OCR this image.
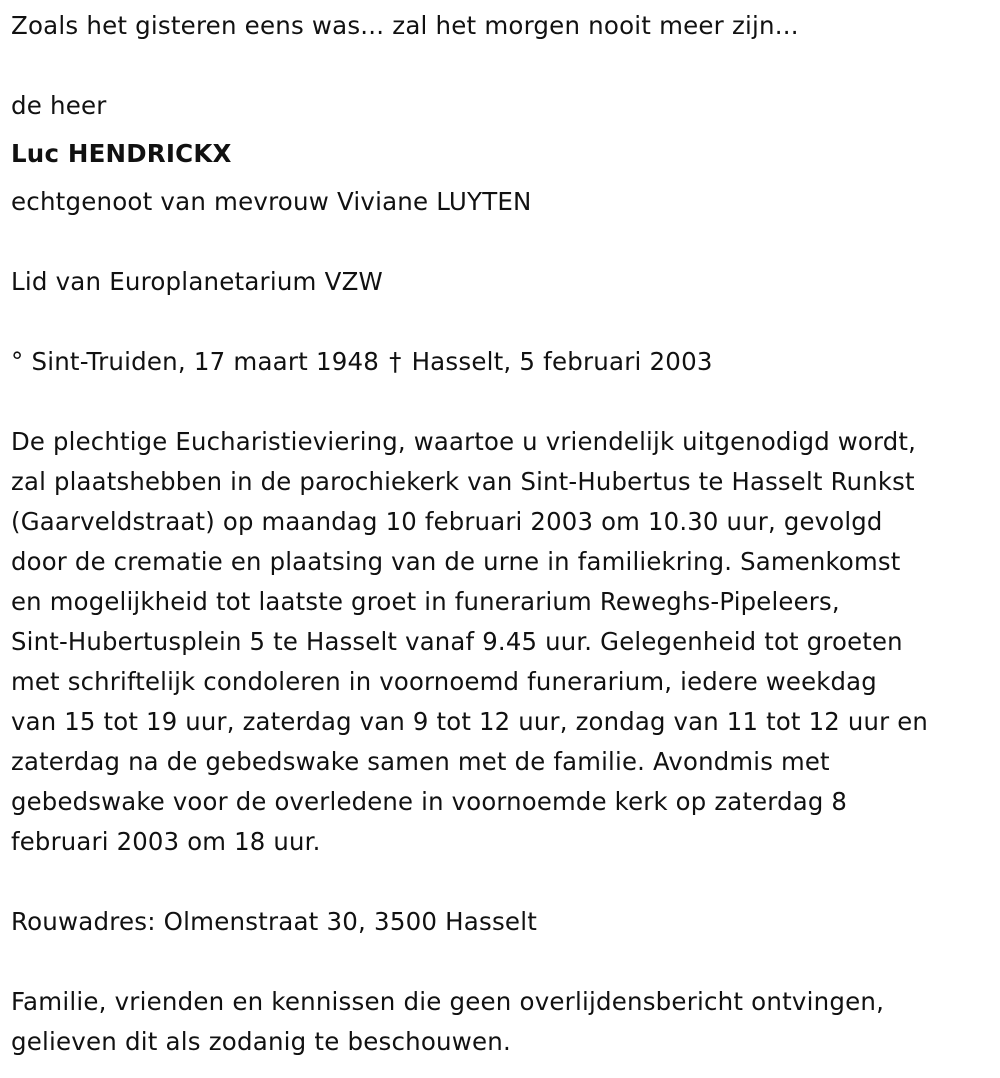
Zoals het gisteren eens was... zal het morgen nooit meer zijn...
de heer
Luc HENDRICKX
echtgenoot van mevrouw Viviane LUYTEN
Lid van Europlanetarium VZW
° Sint-Truiden, 17 maart 1948 † Hasselt, 5 februari 2003
De plechtige Eucharistieviering, waartoe u vriendelijk uitgenodigd wordt,
zal plaatshebben in de parochiekerk van Sint-Hubertus te Hasselt Runkst
(Gaarveldstraat) op maandag 10 februari 2003 om 10.30 uur, gevolgd
door de crematie en plaatsing van de urne in familiekring. Samenkomst
en mogelijkheid tot laatste groet in funerarium Reweghs-Pipeleers,
Sint-Hubertusplein 5 te Hasselt vanaf 9.45 uur. Gelegenheid tot groeten
met schriftelijk condoleren in voornoemd funerarium, iedere weekdag
van 15 tot 19 uur, zaterdag van 9 tot 12 uur, zondag van 11 tot 12 uur en
zaterdag na de gebedswake samen met de familie. Avondmis met
gebedswake voor de overledene in voornoemde kerk op zaterdag 8
februari 2003 om 18 uur.
Rouwadres: Olmenstraat 30, 3500 Hasselt
Familie, vrienden en kennissen die geen overlijdensbericht ontvingen,
gelieven dit als zodanig te beschouwen.
